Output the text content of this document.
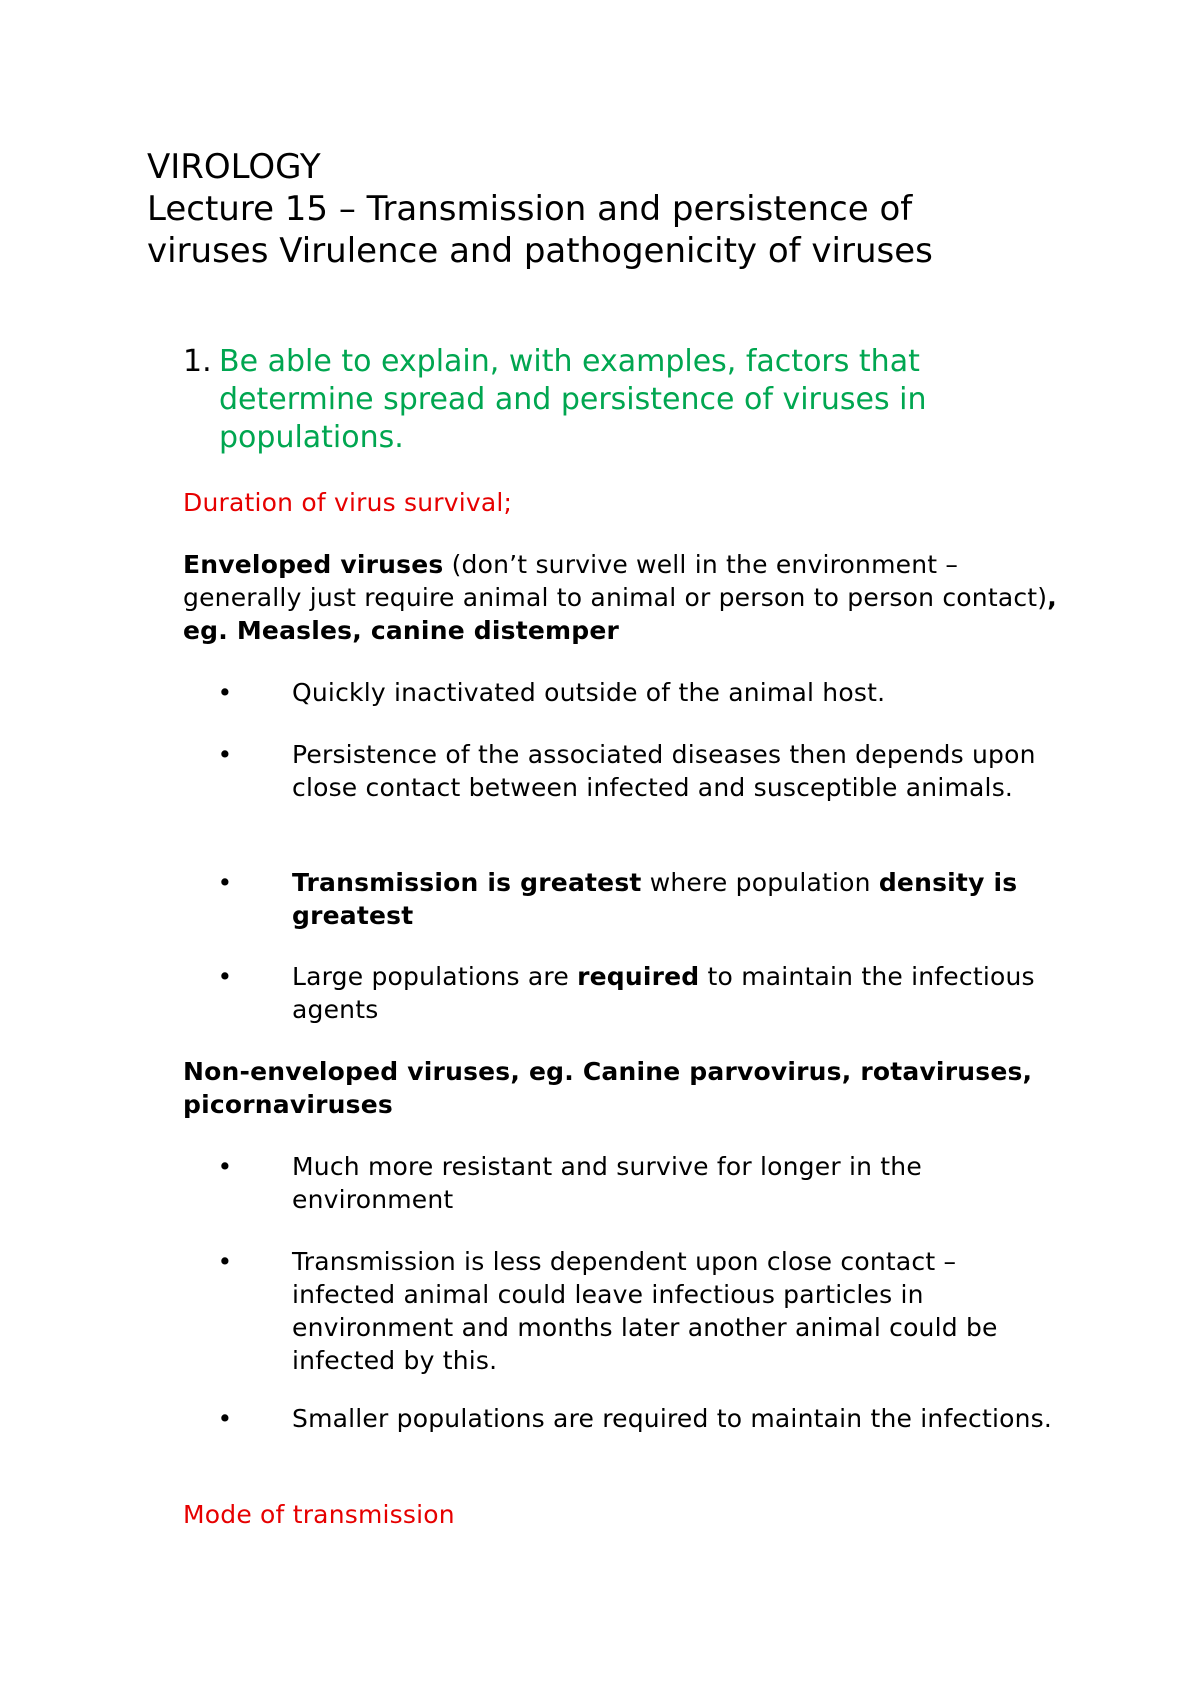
VIROLOGY
Lecture 15 – Transmission and persistence of
viruses Virulence and pathogenicity of viruses
1. Be able to explain, with examples, factors that determine spread and persistence of viruses in populations.
Duration of virus survival;
Enveloped viruses (don’t survive well in the environment – generally just require animal to animal or person to person contact), eg. Measles, canine distemper
• Quickly inactivated outside of the animal host.
• Persistence of the associated diseases then depends upon close contact between infected and susceptible animals.
• Transmission is greatest where population density is greatest
• Large populations are required to maintain the infectious agents
Non-enveloped viruses, eg. Canine parvovirus, rotaviruses, picornaviruses
• Much more resistant and survive for longer in the environment
• Transmission is less dependent upon close contact – infected animal could leave infectious particles in environment and months later another animal could be infected by this.
• Smaller populations are required to maintain the infections.
Mode of transmission
